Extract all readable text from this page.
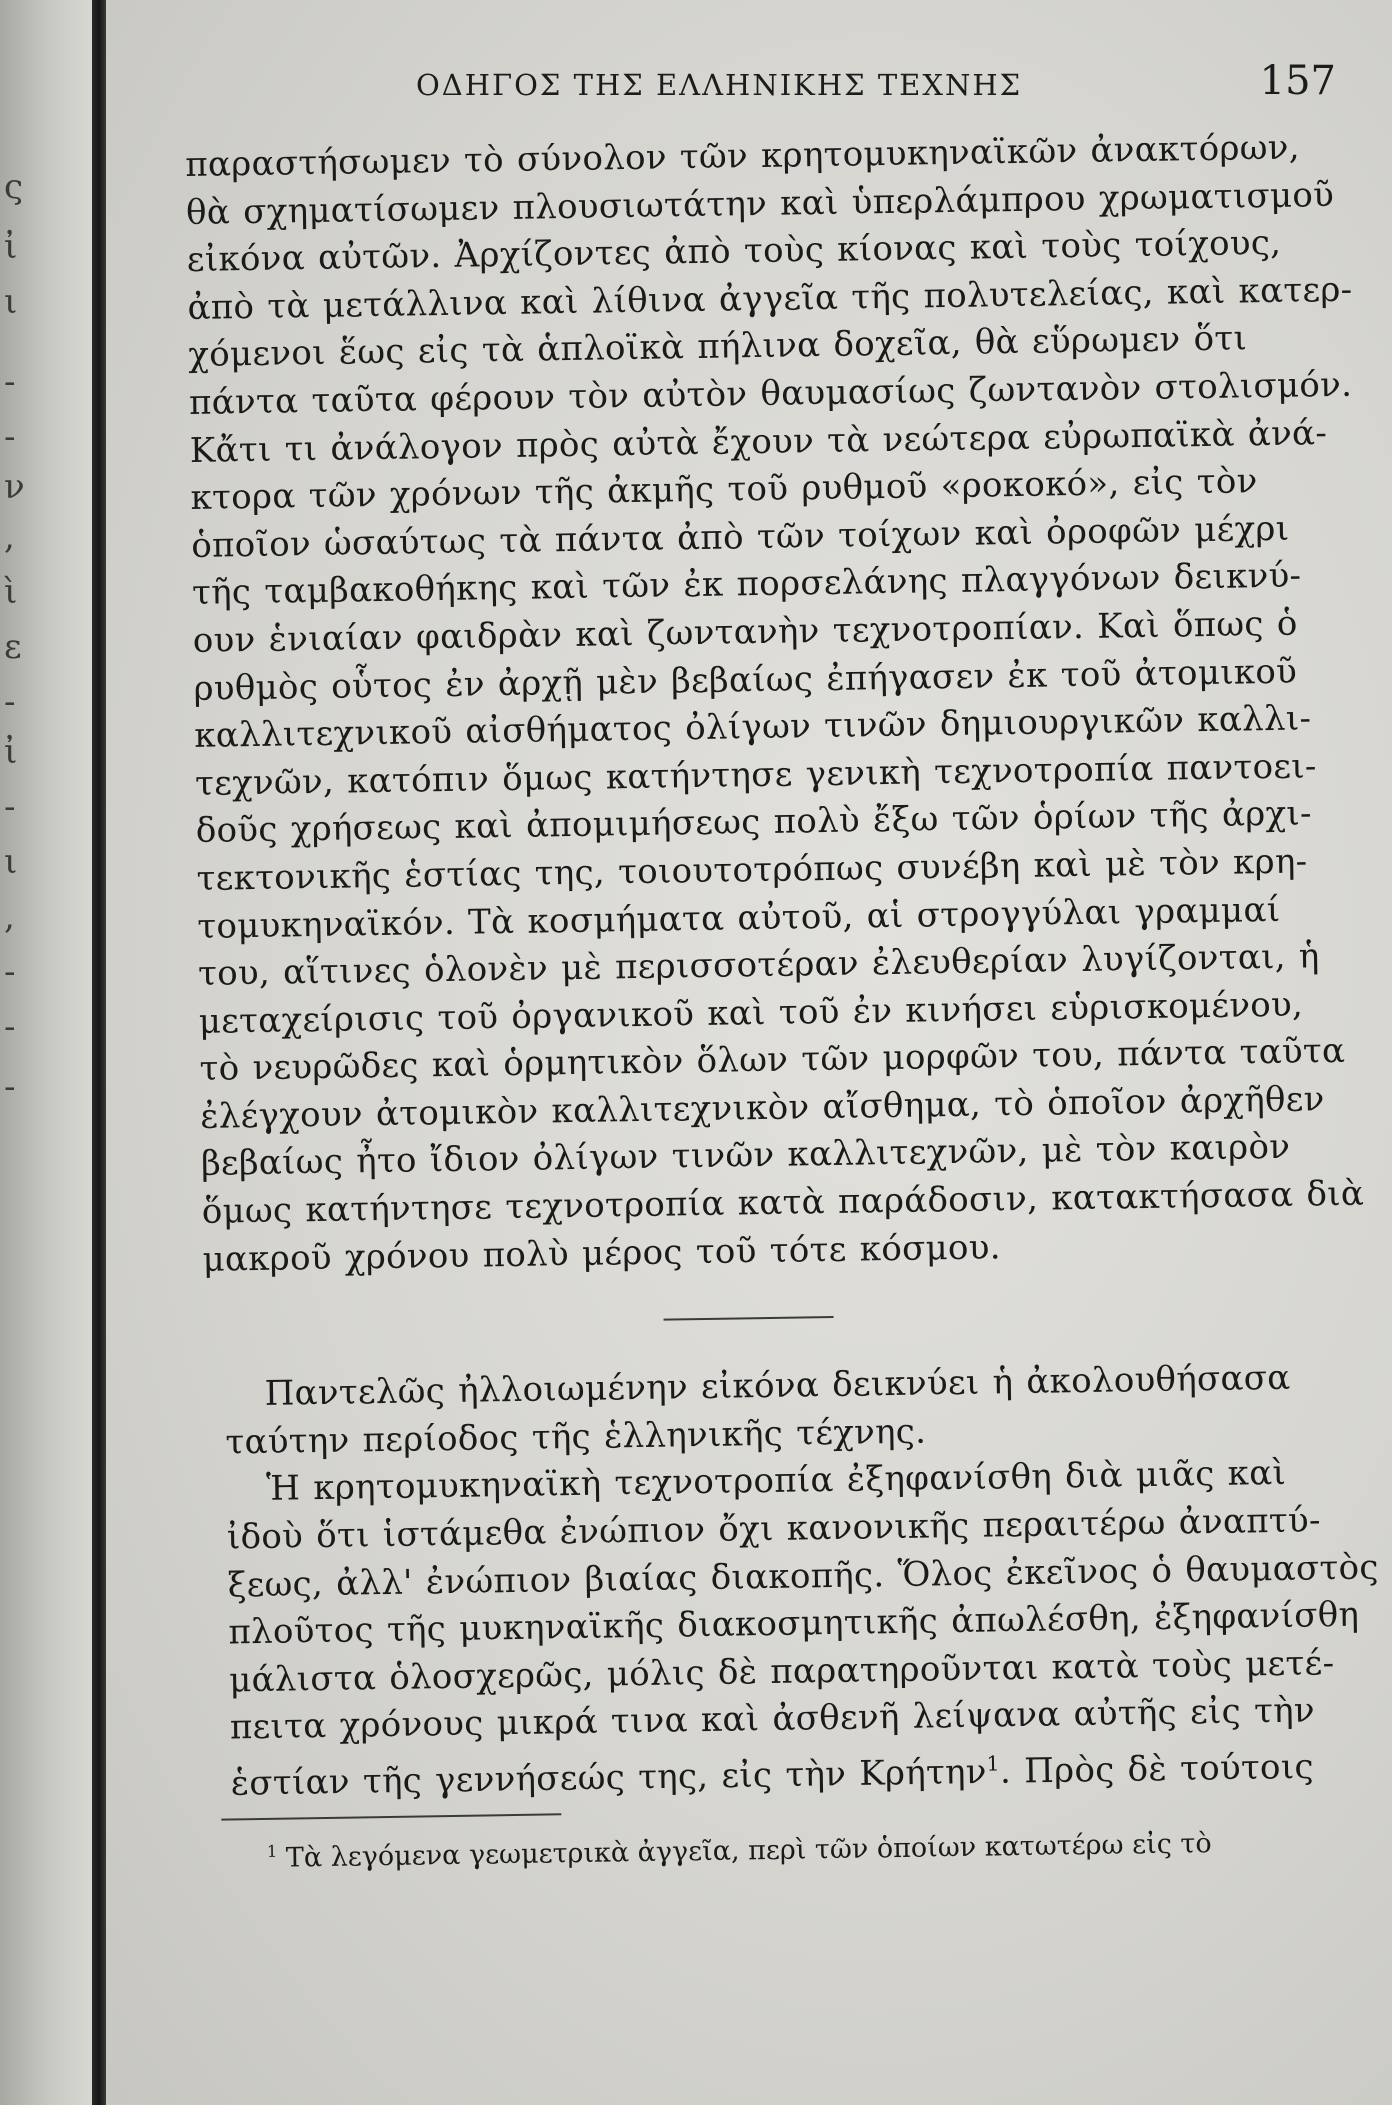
ς
ἰ
ι
-
-
ν
,
ὶ
ε
-
ἰ
-
ι
,
-
-
-
ΟΔΗΓΟΣ ΤΗΣ ΕΛΛΗΝΙΚΗΣ ΤΕΧΝΗΣ	157
παραστήσωμεν τὸ σύνολον τῶν κρητομυκηναϊκῶν ἀνακτόρων,
θὰ σχηματίσωμεν πλουσιωτάτην καὶ ὑπερλάμπρου χρωματισμοῦ
εἰκόνα αὐτῶν. Ἀρχίζοντες ἀπὸ τοὺς κίονας καὶ τοὺς τοίχους,
ἀπὸ τὰ μετάλλινα καὶ λίθινα ἀγγεῖα τῆς πολυτελείας, καὶ κατερ-
χόμενοι ἕως εἰς τὰ ἁπλοϊκὰ πήλινα δοχεῖα, θὰ εὕρωμεν ὅτι
πάντα ταῦτα φέρουν τὸν αὐτὸν θαυμασίως ζωντανὸν στολισμόν.
Κἄτι τι ἀνάλογον πρὸς αὐτὰ ἔχουν τὰ νεώτερα εὐρωπαϊκὰ ἀνά-
κτορα τῶν χρόνων τῆς ἀκμῆς τοῦ ρυθμοῦ «ροκοκό», εἰς τὸν
ὁποῖον ὡσαύτως τὰ πάντα ἀπὸ τῶν τοίχων καὶ ὀροφῶν μέχρι
τῆς ταμβακοθήκης καὶ τῶν ἐκ πορσελάνης πλαγγόνων δεικνύ-
ουν ἑνιαίαν φαιδρὰν καὶ ζωντανὴν τεχνοτροπίαν. Καὶ ὅπως ὁ
ρυθμὸς οὗτος ἐν ἀρχῇ μὲν βεβαίως ἐπήγασεν ἐκ τοῦ ἀτομικοῦ
καλλιτεχνικοῦ αἰσθήματος ὀλίγων τινῶν δημιουργικῶν καλλι-
τεχνῶν, κατόπιν ὅμως κατήντησε γενικὴ τεχνοτροπία παντοει-
δοῦς χρήσεως καὶ ἀπομιμήσεως πολὺ ἔξω τῶν ὁρίων τῆς ἀρχι-
τεκτονικῆς ἑστίας της, τοιουτοτρόπως συνέβη καὶ μὲ τὸν κρη-
τομυκηναϊκόν. Τὰ κοσμήματα αὐτοῦ, αἱ στρογγύλαι γραμμαί
του, αἵτινες ὁλονὲν μὲ περισσοτέραν ἐλευθερίαν λυγίζονται, ἡ
μεταχείρισις τοῦ ὀργανικοῦ καὶ τοῦ ἐν κινήσει εὑρισκομένου,
τὸ νευρῶδες καὶ ὁρμητικὸν ὅλων τῶν μορφῶν του, πάντα ταῦτα
ἐλέγχουν ἀτομικὸν καλλιτεχνικὸν αἴσθημα, τὸ ὁποῖον ἀρχῆθεν
βεβαίως ἦτο ἴδιον ὀλίγων τινῶν καλλιτεχνῶν, μὲ τὸν καιρὸν
ὅμως κατήντησε τεχνοτροπία κατὰ παράδοσιν, κατακτήσασα διὰ
μακροῦ χρόνου πολὺ μέρος τοῦ τότε κόσμου.
Παντελῶς ἠλλοιωμένην εἰκόνα δεικνύει ἡ ἀκολουθήσασα
ταύτην περίοδος τῆς ἑλληνικῆς τέχνης.
Ἡ κρητομυκηναϊκὴ τεχνοτροπία ἐξηφανίσθη διὰ μιᾶς καὶ
ἰδοὺ ὅτι ἱστάμεθα ἐνώπιον ὄχι κανονικῆς περαιτέρω ἀναπτύ-
ξεως, ἀλλ' ἐνώπιον βιαίας διακοπῆς. Ὅλος ἐκεῖνος ὁ θαυμαστὸς
πλοῦτος τῆς μυκηναϊκῆς διακοσμητικῆς ἀπωλέσθη, ἐξηφανίσθη
μάλιστα ὁλοσχερῶς, μόλις δὲ παρατηροῦνται κατὰ τοὺς μετέ-
πειτα χρόνους μικρά τινα καὶ ἀσθενῆ λείψανα αὐτῆς εἰς τὴν
ἑστίαν τῆς γεννήσεώς της, εἰς τὴν Κρήτην$^1$. Πρὸς δὲ τούτοις
$^1$ Τὰ λεγόμενα γεωμετρικὰ ἀγγεῖα, περὶ τῶν ὁποίων κατωτέρω εἰς τὸ
